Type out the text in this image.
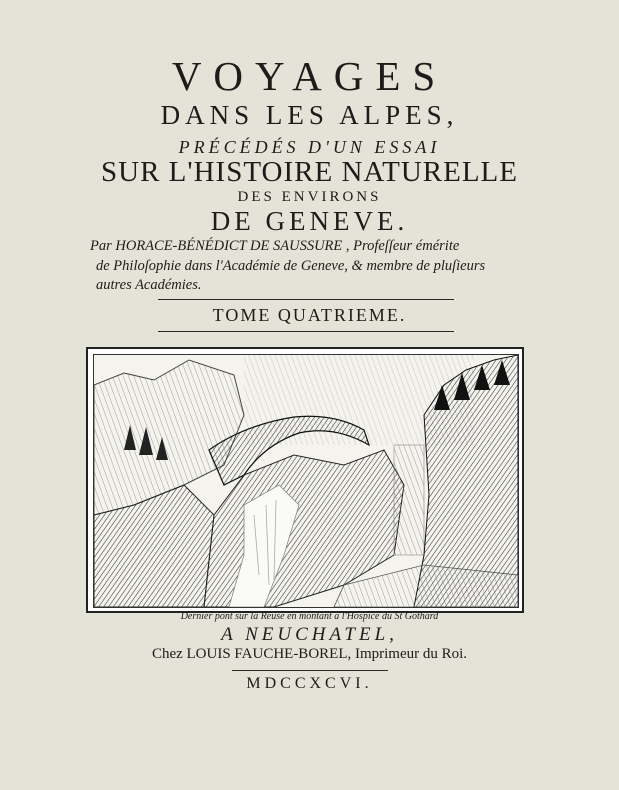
VOYAGES
DANS LES ALPES,
PRÉCÉDÉS D'UN ESSAI
SUR L'HISTOIRE NATURELLE
DES ENVIRONS
DE GENEVE.
Par HORACE-BÉNÉDICT DE SAUSSURE , Profeſſeur émérite
de Philoſophie dans l'Académie de Geneve, & membre de pluſieurs
autres Académies.
TOME QUATRIEME.
Dernier pont sur la Reuse en montant a l'Hospice du St Gothard
A NEUCHATEL,
Chez LOUIS FAUCHE-BOREL, Imprimeur du Roi.
MDCCXCVI.
